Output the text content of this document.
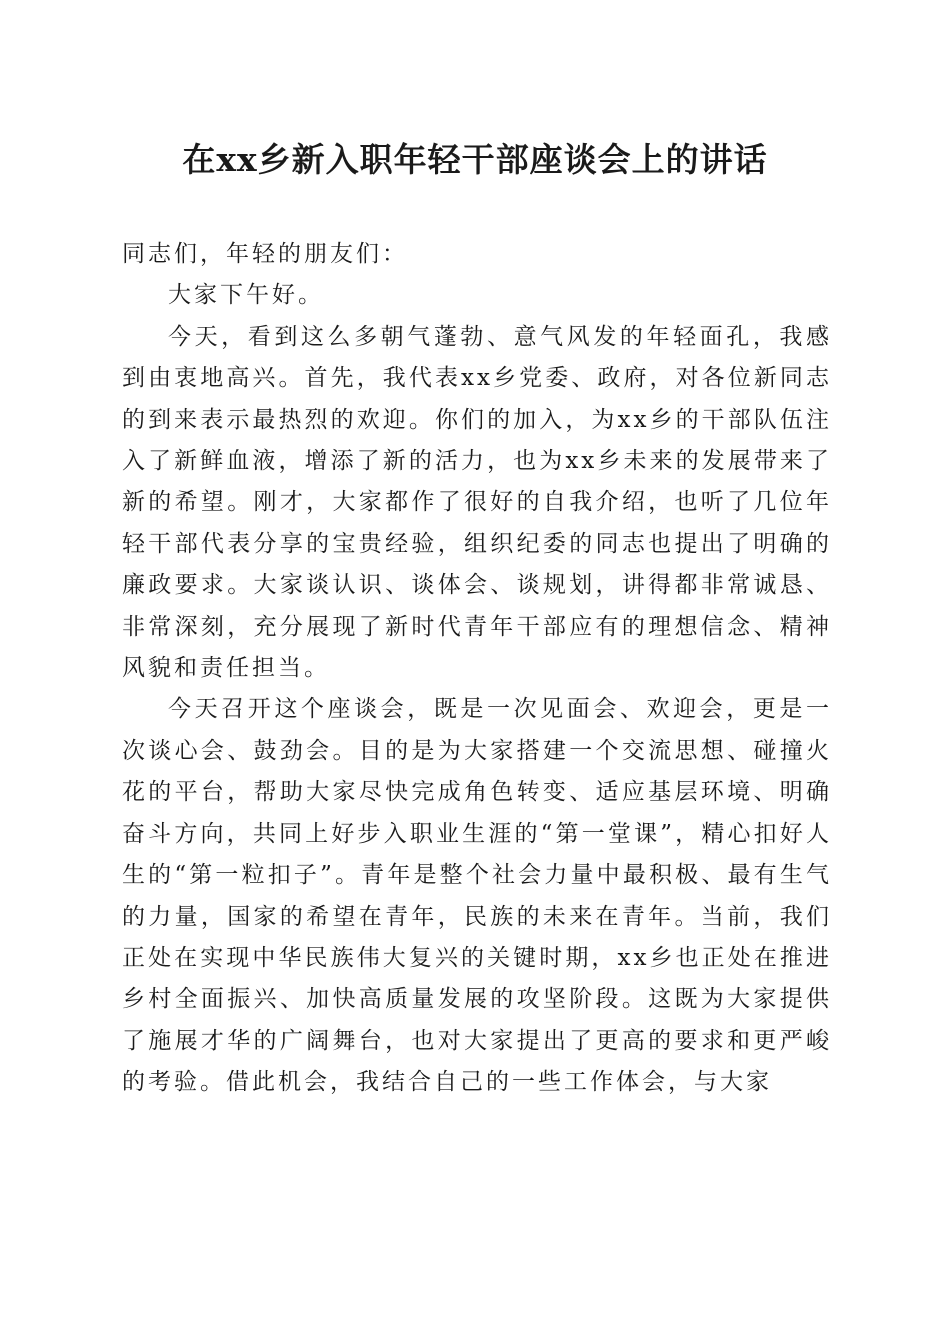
在xx乡新入职年轻干部座谈会上的讲话

同志们，年轻的朋友们：

大家下午好。

今天，看到这么多朝气蓬勃、意气风发的年轻面孔，我感到由衷地高兴。首先，我代表xx乡党委、政府，对各位新同志的到来表示最热烈的欢迎。你们的加入，为xx乡的干部队伍注入了新鲜血液，增添了新的活力，也为xx乡未来的发展带来了新的希望。刚才，大家都作了很好的自我介绍，也听了几位年轻干部代表分享的宝贵经验，组织纪委的同志也提出了明确的廉政要求。大家谈认识、谈体会、谈规划，讲得都非常诚恳、非常深刻，充分展现了新时代青年干部应有的理想信念、精神风貌和责任担当。

今天召开这个座谈会，既是一次见面会、欢迎会，更是一次谈心会、鼓劲会。目的是为大家搭建一个交流思想、碰撞火花的平台，帮助大家尽快完成角色转变、适应基层环境、明确奋斗方向，共同上好步入职业生涯的“第一堂课”，精心扣好人生的“第一粒扣子”。青年是整个社会力量中最积极、最有生气的力量，国家的希望在青年，民族的未来在青年。当前，我们正处在实现中华民族伟大复兴的关键时期，xx乡也正处在推进乡村全面振兴、加快高质量发展的攻坚阶段。这既为大家提供了施展才华的广阔舞台，也对大家提出了更高的要求和更严峻的考验。借此机会，我结合自己的一些工作体会，与大家
